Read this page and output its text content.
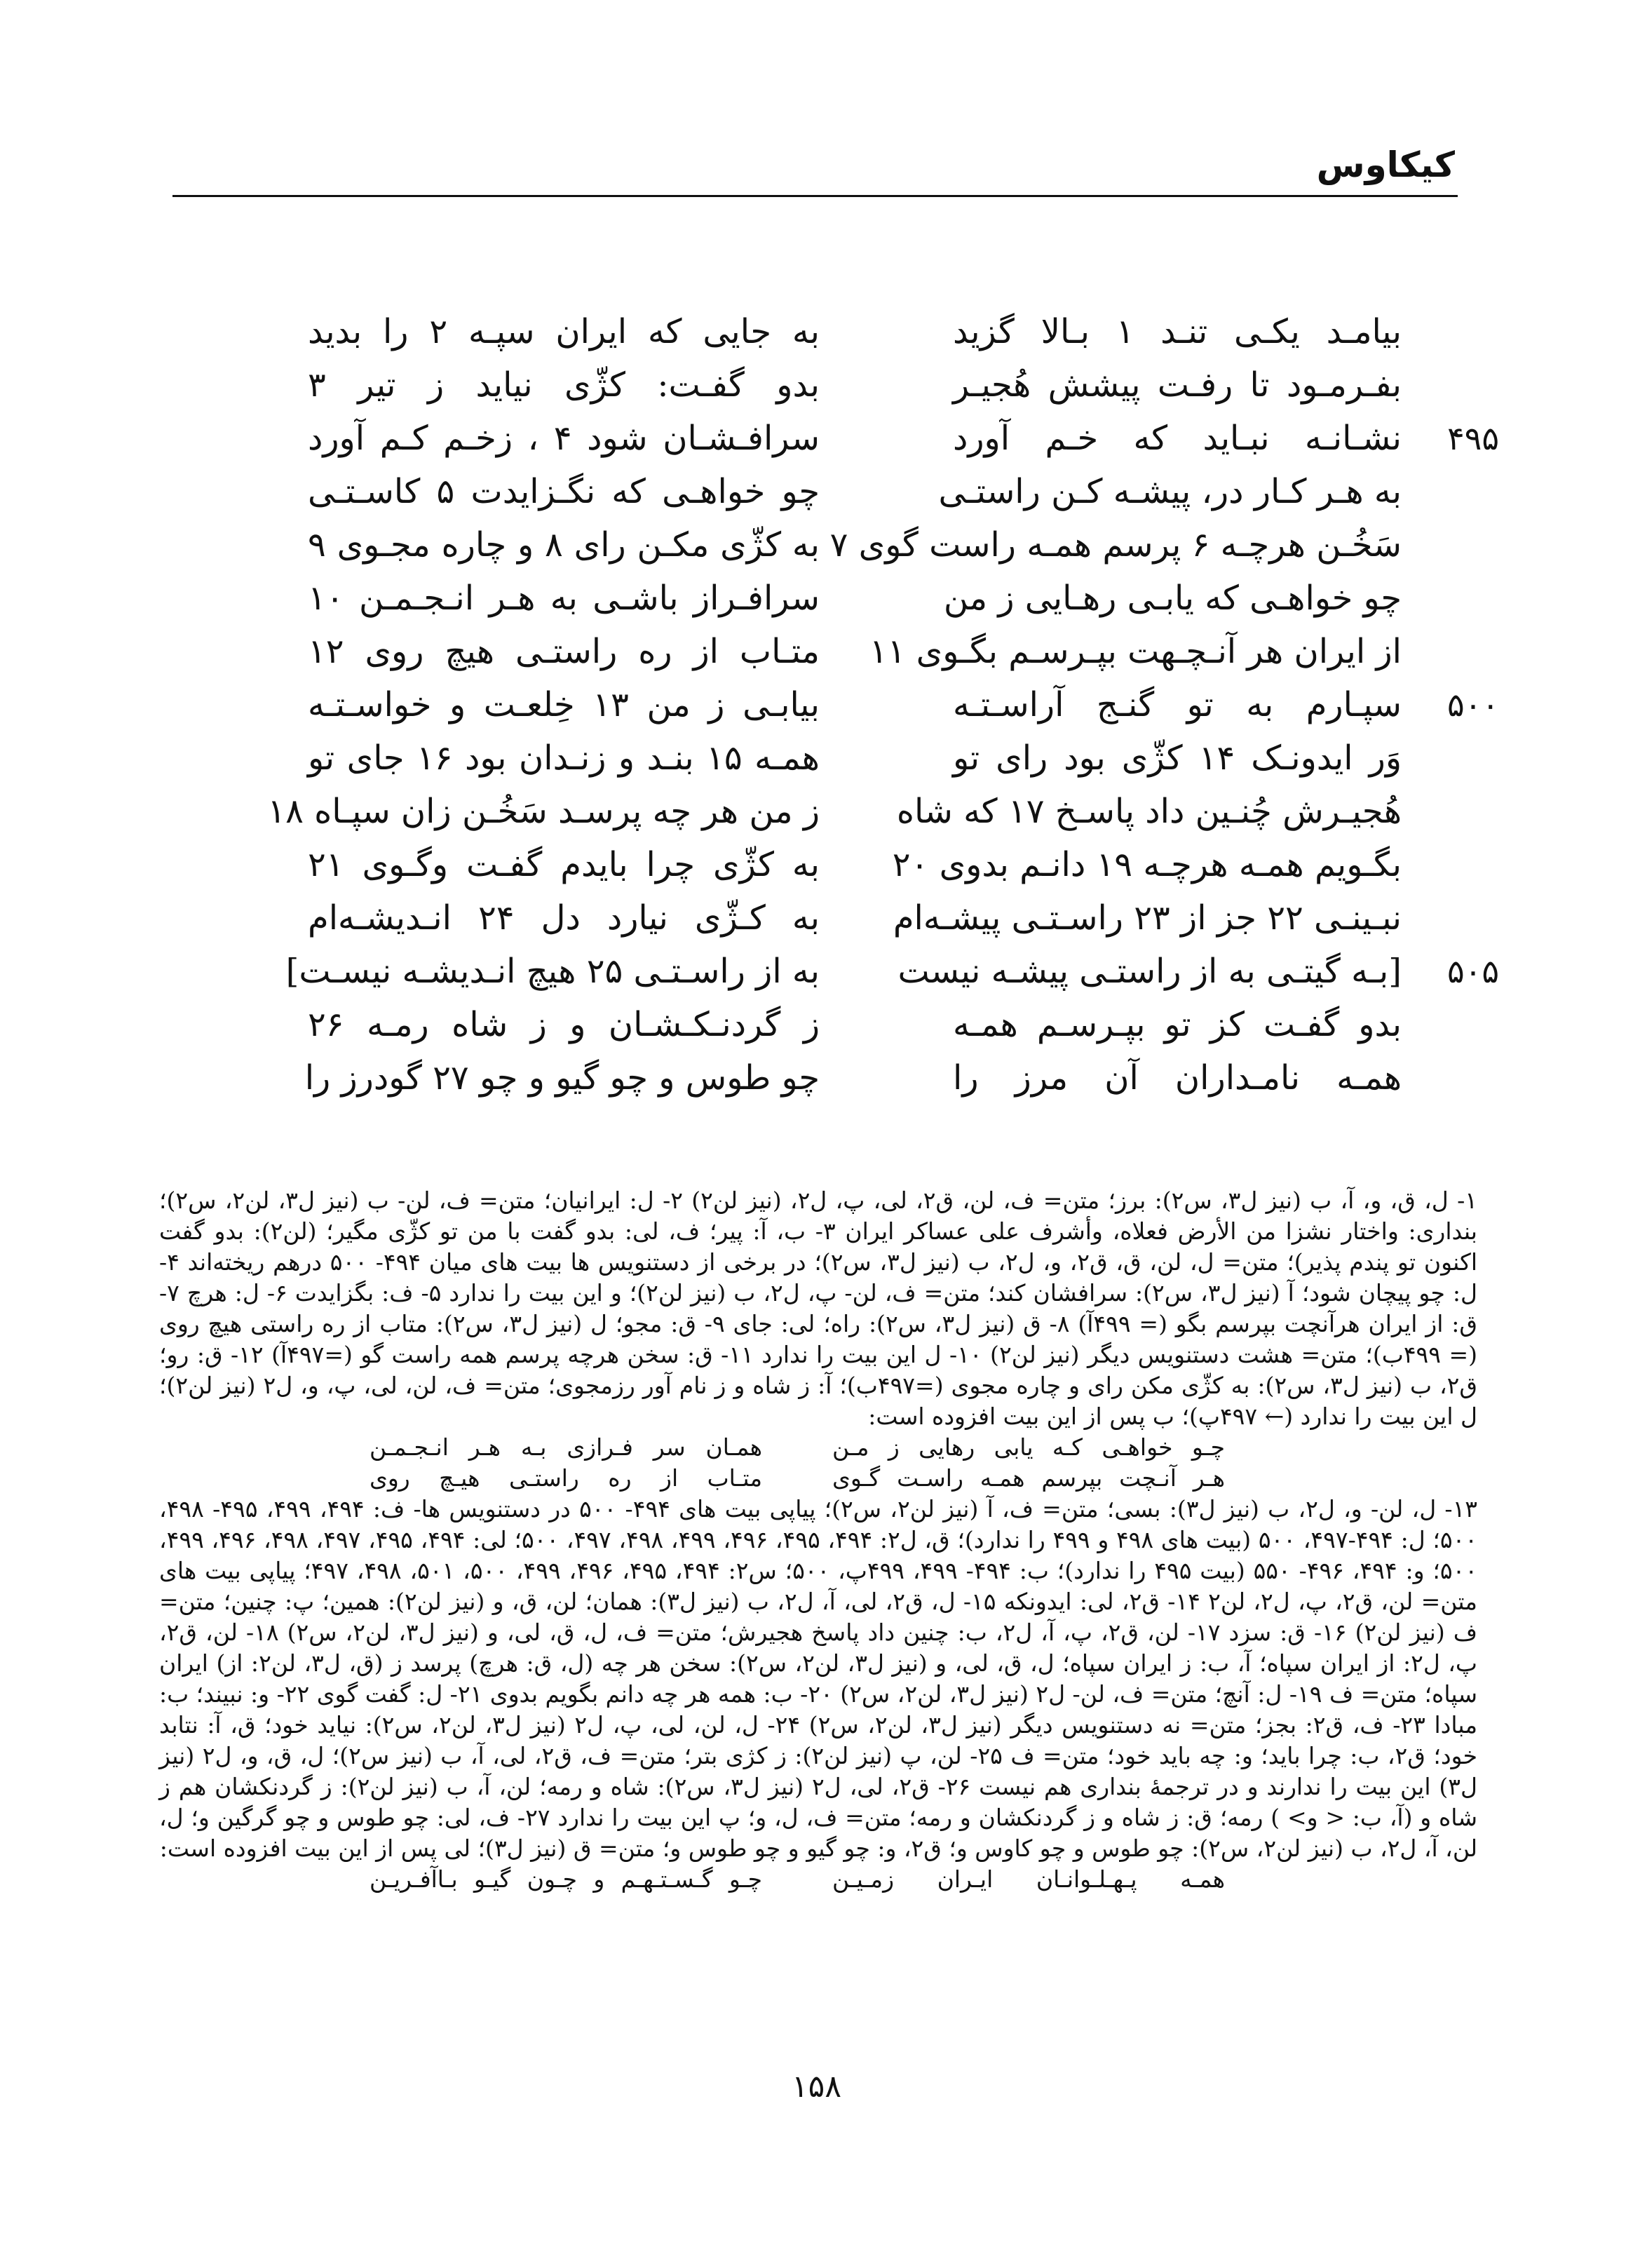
کیکاوس
بیامـد یکـی تنـد ۱ بـالا گزید
به جایی که ایران سپـه ۲ را بدید
بفـرمـود تا رفـت پیشش هُجیـر
بدو گفـت: کژّی نیاید ز تیر ۳
۴۹۵
نشـانـه نبـاید که خـم آورد
سرافـشـان شود ۴ ، زخـم کـم آورد
به هـر کـار در، پیشـه کـن راستـی
چو خواهـی که نگـزایدت ۵ کاسـتـی
سَخُـن هرچـه ۶ پرسم همـه راست گوی ۷
به کژّی مکـن رای ۸ و چاره مجـوی ۹
چو خواهـی که یابـی رهـایی ز من
سرافـراز باشـی به هـر انـجـمـن ۱۰
از ایران هر آنـچـهت بپـرسـم بگـوی ۱۱
متـاب از ره راستـی هیچ روی ۱۲
۵۰۰
سپـارم به تو گنـج آراسـتـه
بیابـی ز من ۱۳ خِلعـت و خواسـتـه
وَر ایدونـک ۱۴ کژّی بود رای تو
همـه ۱۵ بنـد و زنـدان بود ۱۶ جای تو
هُجیـرش چُنـین داد پاسـخ ۱۷ که شاه
ز من هر چه پرسـد سَخُـن زان سپـاه ۱۸
بگـویم همـه هرچـه ۱۹ دانـم بدوی ۲۰
به کژّی چرا بایدم گفـت وگـوی ۲۱
نبـینـی ۲۲ جز از ۲۳ راسـتـی پیشـه‌ام
به کـژّی نیارد دل ۲۴ انـدیشـه‌ام
۵۰۵
[بـه گیتـی به از راستـی پیشـه نیست
به از راسـتـی ۲۵ هیچ انـدیشـه نیسـت]
بدو گفـت کز تو بپـرسـم همـه
ز گردنـکـشـان و ز شاه رمـه ۲۶
همـه نامـداران آن مرز را
چو طوس و چو گیو و چو ۲۷ گودرز را

۱- ل، ق، و، آ، ب (نیز ل۳، س۲): برز؛ متن= ف، لن، ق۲، لی، پ، ل۲، (نیز لن۲) ۲- ل: ایرانیان؛ متن= ف، لن- ب (نیز ل۳، لن۲، س۲)؛ بنداری: واختار نشزا من الأرض فعلاه، وأشرف علی عساکر ایران ۳- ب، آ: پیر؛ ف، لی: بدو گفت با من تو کژّی مگیر؛ (لن۲): بدو گفت اکنون تو پندم پذیر)؛ متن= ل، لن، ق، ق۲، و، ل۲، ب (نیز ل۳، س۲)؛ در برخی از دستنویس ها بیت های میان ۴۹۴- ۵۰۰ درهم ریخته‌اند ۴- ل: چو پیچان شود؛ آ (نیز ل۳، س۲): سرافشان کند؛ متن= ف، لن- پ، ل۲، ب (نیز لن۲)؛ و این بیت را ندارد ۵- ف: بگزایدت ۶- ل: هرچ ۷- ق: از ایران هرآنچت بپرسم بگو (= ۴۹۹آ) ۸- ق (نیز ل۳، س۲): راه؛ لی: جای ۹- ق: مجو؛ ل (نیز ل۳، س۲): متاب از ره راستی هیچ روی (= ۴۹۹ب)؛ متن= هشت دستنویس دیگر (نیز لن۲) ۱۰- ل این بیت را ندارد ۱۱- ق: سخن هرچه پرسم همه راست گو (=۴۹۷آ) ۱۲- ق: رو؛ ق۲، ب (نیز ل۳، س۲): به کژّی مکن رای و چاره مجوی (=۴۹۷ب)؛ آ: ز شاه و ز نام آور رزمجوی؛ متن= ف، لن، لی، پ، و، ل۲ (نیز لن۲)؛ ل این بیت را ندارد (← ۴۹۷پ)؛ ب پس از این بیت افزوده است:

چـو خواهـی کـه یابی رهایی ز مـن
همـان سر فـرازی بـه هـر انـجـمـن
هـر آنـچت بپرسم همـه راسـت گـوی
متـاب از ره راستـی هیـچ روی

۱۳- ل، لن- و، ل۲، ب (نیز ل۳): بسی؛ متن= ف، آ (نیز لن۲، س۲)؛ پیاپی بیت های ۴۹۴- ۵۰۰ در دستنویس ها- ف: ۴۹۴، ۴۹۹، ۴۹۵- ۴۹۸، ۵۰۰؛ ل: ۴۹۴-۴۹۷، ۵۰۰ (بیت های ۴۹۸ و ۴۹۹ را ندارد)؛ ق، ل۲: ۴۹۴، ۴۹۵، ۴۹۶، ۴۹۹، ۴۹۸، ۴۹۷، ۵۰۰؛ لی: ۴۹۴، ۴۹۵، ۴۹۷، ۴۹۸، ۴۹۶، ۴۹۹، ۵۰۰؛ و: ۴۹۴، ۴۹۶- ۵۵۰ (بیت ۴۹۵ را ندارد)؛ ب: ۴۹۴- ۴۹۹، ۴۹۹پ، ۵۰۰؛ س۲: ۴۹۴، ۴۹۵، ۴۹۶، ۴۹۹، ۵۰۰، ۵۰۱، ۴۹۸، ۴۹۷؛ پیاپی بیت های متن= لن، ق۲، پ، ل۲، لن۲ ۱۴- ق۲، لی: ایدونکه ۱۵- ل، ق۲، لی، آ، ل۲، ب (نیز ل۳): همان؛ لن، ق، و (نیز لن۲): همین؛ پ: چنین؛ متن= ف (نیز لن۲) ۱۶- ق: سزد ۱۷- لن، ق۲، پ، آ، ل۲، ب: چنین داد پاسخ هجیرش؛ متن= ف، ل، ق، لی، و (نیز ل۳، لن۲، س۲) ۱۸- لن، ق۲، پ، ل۲: از ایران سپاه؛ آ، ب: ز ایران سپاه؛ ل، ق، لی، و (نیز ل۳، لن۲، س۲): سخن هر چه (ل، ق: هرچ) پرسد ز (ق، ل۳، لن۲: از) ایران سپاه؛ متن= ف ۱۹- ل: آنچ؛ متن= ف، لن- ل۲ (نیز ل۳، لن۲، س۲) ۲۰- ب: همه هر چه دانم بگویم بدوی ۲۱- ل: گفت گوی ۲۲- و: نبیند؛ ب: مبادا ۲۳- ف، ق۲: بجز؛ متن= نه دستنویس دیگر (نیز ل۳، لن۲، س۲) ۲۴- ل، لن، لی، پ، ل۲ (نیز ل۳، لن۲، س۲): نیاید خود؛ ق، آ: نتابد خود؛ ق۲، ب: چرا باید؛ و: چه باید خود؛ متن= ف ۲۵- لن، پ (نیز لن۲): ز کژی بتر؛ متن= ف، ق۲، لی، آ، ب (نیز س۲)؛ ل، ق، و، ل۲ (نیز ل۳) این بیت را ندارند و در ترجمهٔ بنداری هم نیست ۲۶- ق۲، لی، ل۲ (نیز ل۳، س۲): شاه و رمه؛ لن، آ، ب (نیز لن۲): ز گردنکشان هم ز شاه و (آ، ب: < و> ) رمه؛ ق: ز شاه و ز گردنکشان و رمه؛ متن= ف، ل، و؛ پ این بیت را ندارد ۲۷- ف، لی: چو طوس و چو گرگین و؛ ل، لن، آ، ل۲، ب (نیز لن۲، س۲): چو طوس و چو کاوس و؛ ق۲، و: چو گیو و چو طوس و؛ متن= ق (نیز ل۳)؛ لی پس از این بیت افزوده است:

همـه پـهـلـوانـان ایـران زمـیـن
چـو گـسـتـهـم و چـون گیـو بـاآفـریـن
۱۵۸
